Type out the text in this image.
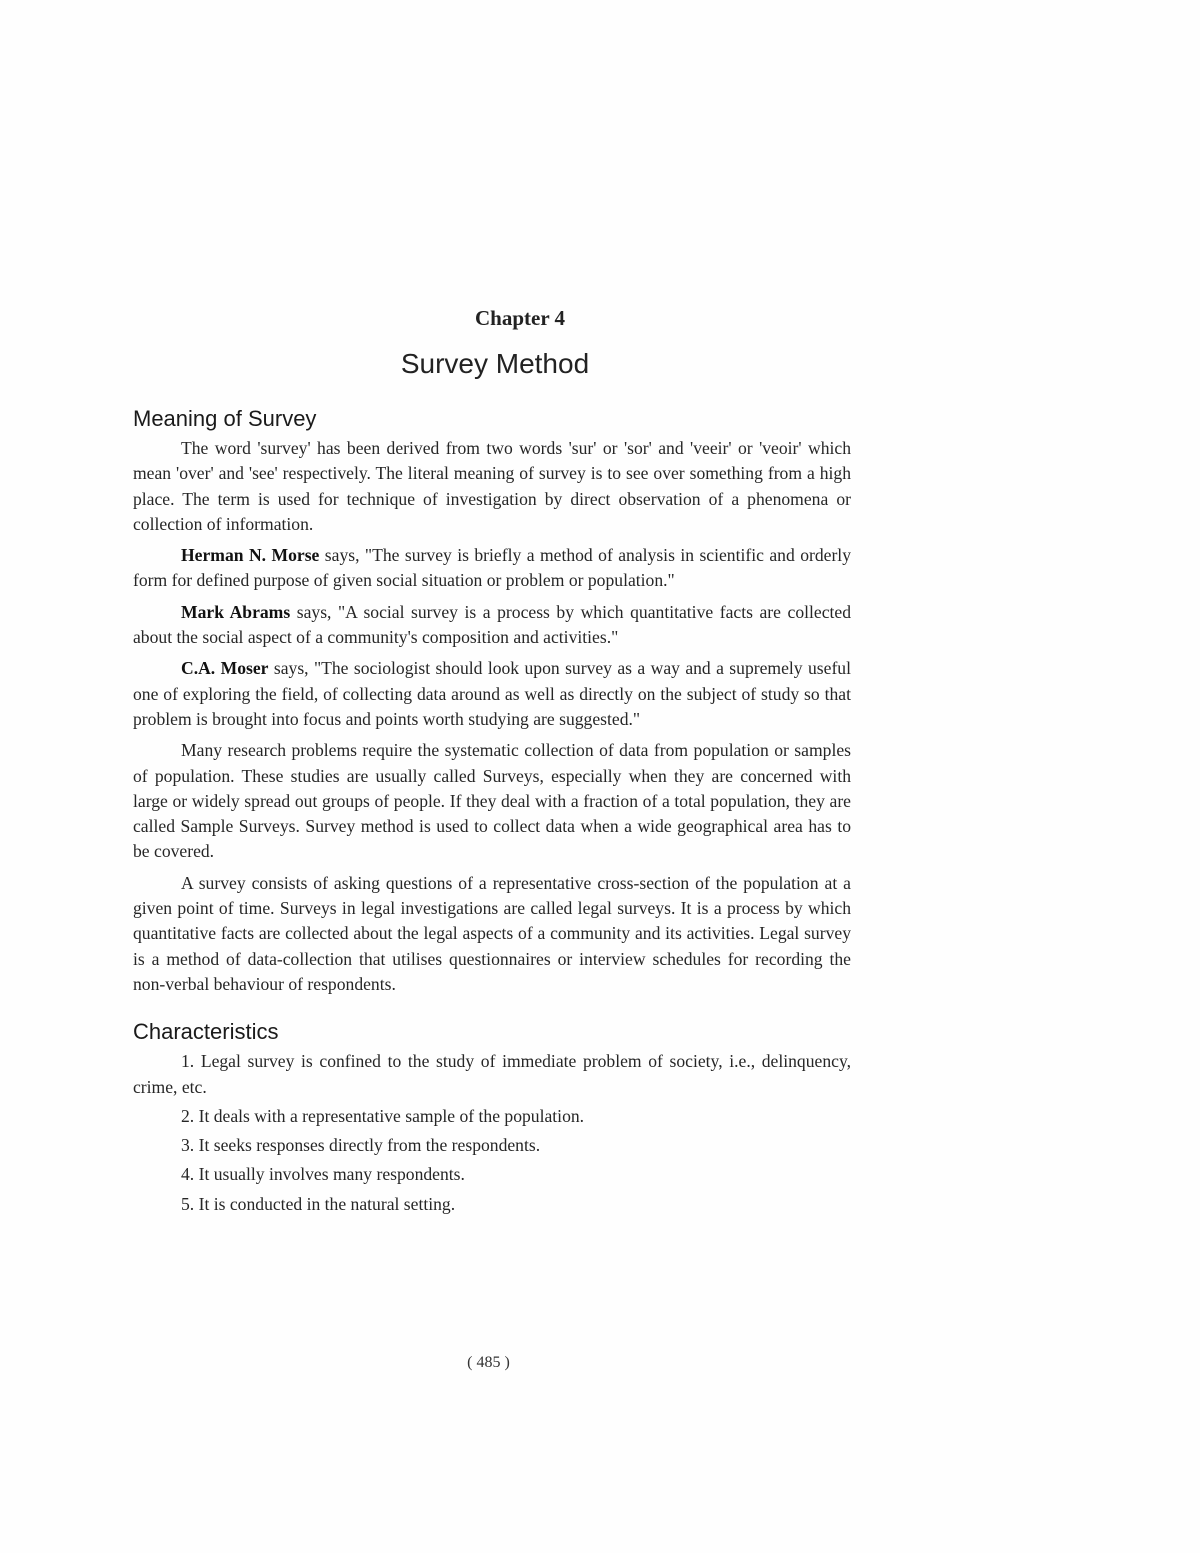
Chapter 4
Survey Method
Meaning of Survey

The word 'survey' has been derived from two words 'sur' or 'sor' and 'veeir' or 'veoir' which mean 'over' and 'see' respectively. The literal meaning of survey is to see over something from a high place. The term is used for technique of investigation by direct observation of a phenomena or collection of information.

Herman N. Morse says, "The survey is briefly a method of analysis in scientific and orderly form for defined purpose of given social situation or problem or population."

Mark Abrams says, "A social survey is a process by which quantitative facts are collected about the social aspect of a community's composition and activities."

C.A. Moser says, "The sociologist should look upon survey as a way and a supremely useful one of exploring the field, of collecting data around as well as directly on the subject of study so that problem is brought into focus and points worth studying are suggested."

Many research problems require the systematic collection of data from population or samples of population. These studies are usually called Surveys, especially when they are concerned with large or widely spread out groups of people. If they deal with a fraction of a total population, they are called Sample Surveys. Survey method is used to collect data when a wide geographical area has to be covered.

A survey consists of asking questions of a representative cross-section of the population at a given point of time. Surveys in legal investigations are called legal surveys. It is a process by which quantitative facts are collected about the legal aspects of a community and its activities. Legal survey is a method of data-collection that utilises questionnaires or interview schedules for recording the non-verbal behaviour of respondents.

Characteristics
1. Legal survey is confined to the study of immediate problem of society, i.e., delinquency, crime, etc.
2. It deals with a representative sample of the population.
3. It seeks responses directly from the respondents.
4. It usually involves many respondents.
5. It is conducted in the natural setting.
( 485 )
